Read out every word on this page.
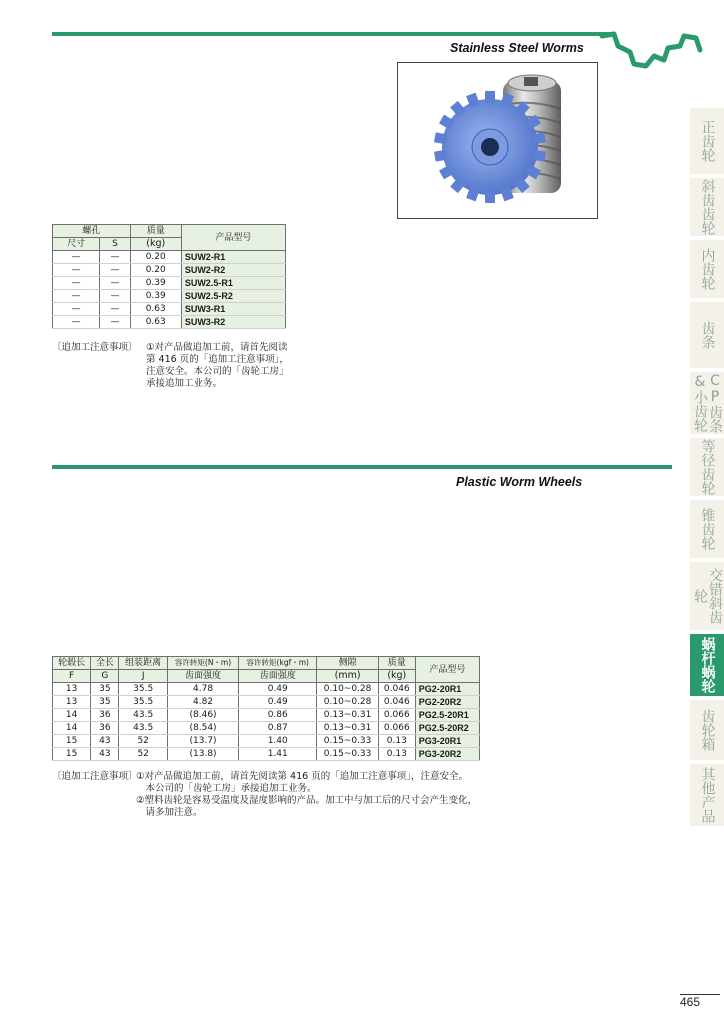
Stainless Steel Worms
螺孔		质量	产品型号
尺寸	S	(kg)	
—	—	0.20	SUW2-R1
—	—	0.20	SUW2-R2
—	—	0.39	SUW2.5-R1
—	—	0.39	SUW2.5-R2
—	—	0.63	SUW3-R1
—	—	0.63	SUW3-R2
〔追加工注意事项〕 ①对产品做追加工前，请首先阅读
第 416 页的「追加工注意事项」，
注意安全。本公司的「齿轮工房」
承接追加工业务。
Plastic Worm Wheels
轮毂长	全长	组装距离	容许转矩(N・m)	容许转矩(kgf・m)	侧隙	质量	产品型号
F	G	J	齿面强度	齿面强度	(mm)	(kg)	
13	35	35.5	4.78	0.49	0.10~0.28	0.046	PG2-20R1
13	35	35.5	4.82	0.49	0.10~0.28	0.046	PG2-20R2
14	36	43.5	(8.46)	0.86	0.13~0.31	0.066	PG2.5-20R1
14	36	43.5	(8.54)	0.87	0.13~0.31	0.066	PG2.5-20R2
15	43	52	(13.7)	1.40	0.15~0.33	0.13	PG3-20R1
15	43	52	(13.8)	1.41	0.15~0.33	0.13	PG3-20R2
〔追加工注意事项〕
①对产品做追加工前，请首先阅读第 416 页的「追加工注意事项」，注意安全。
　本公司的「齿轮工房」承接追加工业务。
②塑料齿轮是容易受温度及湿度影响的产品。加工中与加工后的尺寸会产生变化，
　请多加注意。
正齿轮
斜齿齿轮
内齿轮
齿条
CP齿条&小齿轮
等径齿轮
锥齿轮
交错斜齿轮
蜗杆蜗轮
齿轮箱
其他产品
465
